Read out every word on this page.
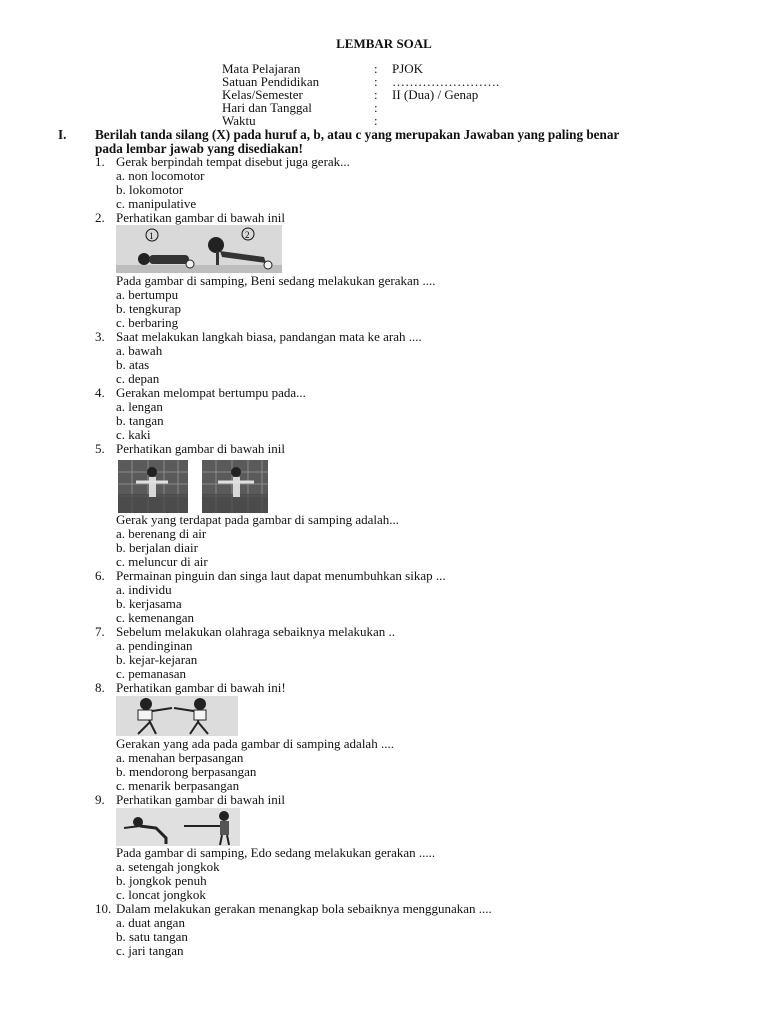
LEMBAR SOAL
Mata Pelajaran	: PJOK
Satuan Pendidikan	: …………………….
Kelas/Semester	: II (Dua) / Genap
Hari dan Tanggal	:
Waktu	:
I. Berilah tanda silang (X) pada huruf a, b, atau c yang merupakan Jawaban yang paling benar
pada lembar jawab yang disediakan!
1. Gerak berpindah tempat disebut juga gerak...
a. non locomotor
b. lokomotor
c. manipulative
2. Perhatikan gambar di bawah inil
1	2
Pada gambar di samping, Beni sedang melakukan gerakan ....
a. bertumpu
b. tengkurap
c. berbaring
3. Saat melakukan langkah biasa, pandangan mata ke arah ....
a. bawah
b. atas
c. depan
4. Gerakan melompat bertumpu pada...
a. lengan
b. tangan
c. kaki
5. Perhatikan gambar di bawah inil
Gerak yang terdapat pada gambar di samping adalah...
a. berenang di air
b. berjalan diair
c. meluncur di air
6. Permainan pinguin dan singa laut dapat menumbuhkan sikap ...
a. individu
b. kerjasama
c. kemenangan
7. Sebelum melakukan olahraga sebaiknya melakukan ..
a. pendinginan
b. kejar-kejaran
c. pemanasan
8. Perhatikan gambar di bawah ini!
Gerakan yang ada pada gambar di samping adalah ....
a. menahan berpasangan
b. mendorong berpasangan
c. menarik berpasangan
9. Perhatikan gambar di bawah inil
Pada gambar di samping, Edo sedang melakukan gerakan .....
a. setengah jongkok
b. jongkok penuh
c. loncat jongkok
10. Dalam melakukan gerakan menangkap bola sebaiknya menggunakan ....
a. duat angan
b. satu tangan
c. jari tangan
